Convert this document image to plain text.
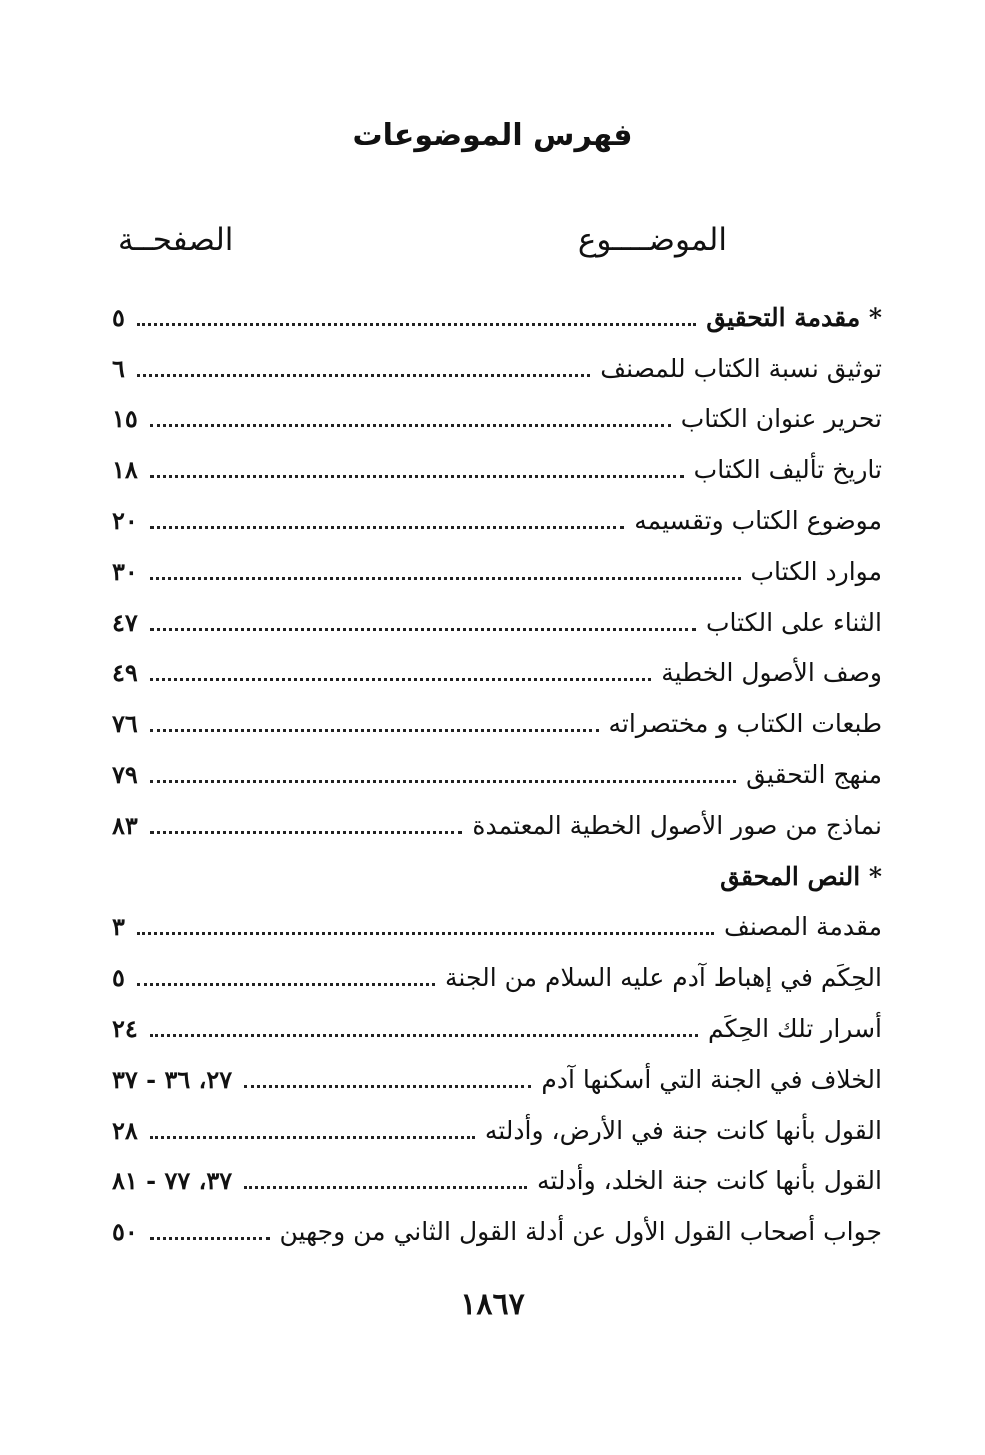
فهرس الموضوعات
الموضــــوع
الصفحــة
* مقدمة التحقيق
٥
توثيق نسبة الكتاب للمصنف
٦
تحرير عنوان الكتاب
١٥
تاريخ تأليف الكتاب
١٨
موضوع الكتاب وتقسيمه
٢٠
موارد الكتاب
٣٠
الثناء على الكتاب
٤٧
وصف الأصول الخطية
٤٩
طبعات الكتاب و مختصراته
٧٦
منهج التحقيق
٧٩
نماذج من صور الأصول الخطية المعتمدة
٨٣
* النص المحقق
مقدمة المصنف
٣
الحِكَم في إهباط آدم عليه السلام من الجنة
٥
أسرار تلك الحِكَم
٢٤
الخلاف في الجنة التي أسكنها آدم
٢٧، ٣٦ - ٣٧
القول بأنها كانت جنة في الأرض، وأدلته
٢٨
القول بأنها كانت جنة الخلد، وأدلته
٣٧، ٧٧ - ٨١
جواب أصحاب القول الأول عن أدلة القول الثاني من وجهين
٥٠
١٨٦٧
